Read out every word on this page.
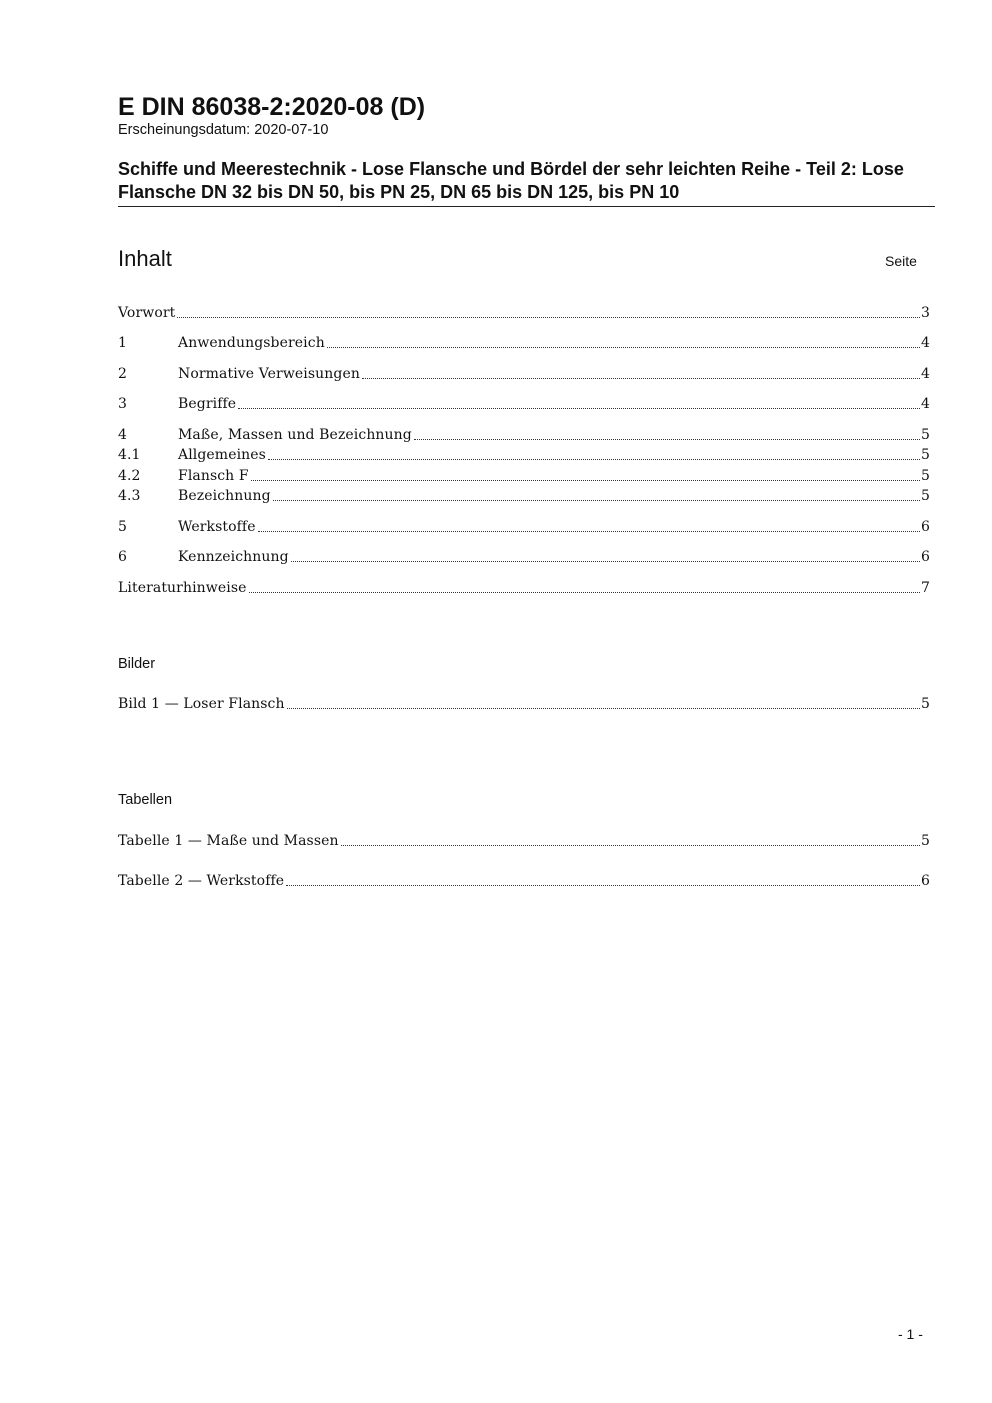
E DIN 86038-2:2020-08 (D)
Erscheinungsdatum: 2020-07-10
Schiffe und Meerestechnik - Lose Flansche und Bördel der sehr leichten Reihe - Teil 2: Lose Flansche DN 32 bis DN 50, bis PN 25, DN 65 bis DN 125, bis PN 10
Inhalt	Seite
Vorwort	3
1	Anwendungsbereich	4
2	Normative Verweisungen	4
3	Begriffe	4
4	Maße, Massen und Bezeichnung	5
4.1	Allgemeines	5
4.2	Flansch F	5
4.3	Bezeichnung	5
5	Werkstoffe	6
6	Kennzeichnung	6
Literaturhinweise	7
Bilder
Bild 1 — Loser Flansch	5
Tabellen
Tabelle 1 — Maße und Massen	5
Tabelle 2 — Werkstoffe	6
- 1 -
